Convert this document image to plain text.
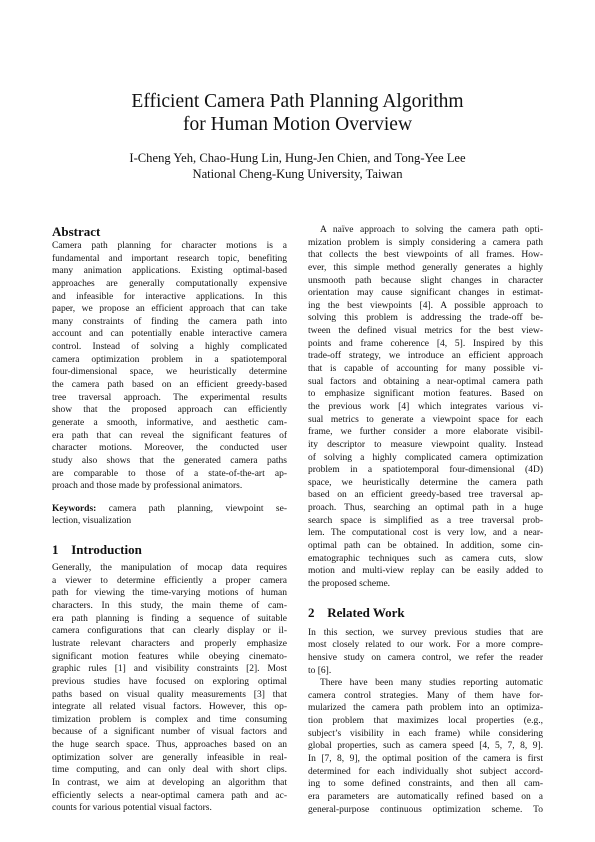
Efficient Camera Path Planning Algorithm
for Human Motion Overview
I-Cheng Yeh, Chao-Hung Lin, Hung-Jen Chien, and Tong-Yee Lee
National Cheng-Kung University, Taiwan
Abstract
Camera path planning for character motions is a
fundamental and important research topic, benefiting
many animation applications. Existing optimal-based
approaches are generally computationally expensive
and infeasible for interactive applications. In this
paper, we propose an efficient approach that can take
many constraints of finding the camera path into
account and can potentially enable interactive camera
control. Instead of solving a highly complicated
camera optimization problem in a spatiotemporal
four-dimensional space, we heuristically determine
the camera path based on an efficient greedy-based
tree traversal approach. The experimental results
show that the proposed approach can efficiently
generate a smooth, informative, and aesthetic cam-
era path that can reveal the significant features of
character motions. Moreover, the conducted user
study also shows that the generated camera paths
are comparable to those of a state-of-the-art ap-
proach and those made by professional animators.
Keywords: camera path planning, viewpoint se-
lection, visualization
1 Introduction
Generally, the manipulation of mocap data requires
a viewer to determine efficiently a proper camera
path for viewing the time-varying motions of human
characters. In this study, the main theme of cam-
era path planning is finding a sequence of suitable
camera configurations that can clearly display or il-
lustrate relevant characters and properly emphasize
significant motion features while obeying cinemato-
graphic rules [1] and visibility constraints [2]. Most
previous studies have focused on exploring optimal
paths based on visual quality measurements [3] that
integrate all related visual factors. However, this op-
timization problem is complex and time consuming
because of a significant number of visual factors and
the huge search space. Thus, approaches based on an
optimization solver are generally infeasible in real-
time computing, and can only deal with short clips.
In contrast, we aim at developing an algorithm that
efficiently selects a near-optimal camera path and ac-
counts for various potential visual factors.
A naïve approach to solving the camera path opti-
mization problem is simply considering a camera path
that collects the best viewpoints of all frames. How-
ever, this simple method generally generates a highly
unsmooth path because slight changes in character
orientation may cause significant changes in estimat-
ing the best viewpoints [4]. A possible approach to
solving this problem is addressing the trade-off be-
tween the defined visual metrics for the best view-
points and frame coherence [4, 5]. Inspired by this
trade-off strategy, we introduce an efficient approach
that is capable of accounting for many possible vi-
sual factors and obtaining a near-optimal camera path
to emphasize significant motion features. Based on
the previous work [4] which integrates various vi-
sual metrics to generate a viewpoint space for each
frame, we further consider a more elaborate visibil-
ity descriptor to measure viewpoint quality. Instead
of solving a highly complicated camera optimization
problem in a spatiotemporal four-dimensional (4D)
space, we heuristically determine the camera path
based on an efficient greedy-based tree traversal ap-
proach. Thus, searching an optimal path in a huge
search space is simplified as a tree traversal prob-
lem. The computational cost is very low, and a near-
optimal path can be obtained. In addition, some cin-
ematographic techniques such as camera cuts, slow
motion and multi-view replay can be easily added to
the proposed scheme.
2 Related Work
In this section, we survey previous studies that are
most closely related to our work. For a more compre-
hensive study on camera control, we refer the reader
to [6].
There have been many studies reporting automatic
camera control strategies. Many of them have for-
mularized the camera path problem into an optimiza-
tion problem that maximizes local properties (e.g.,
subject’s visibility in each frame) while considering
global properties, such as camera speed [4, 5, 7, 8, 9].
In [7, 8, 9], the optimal position of the camera is first
determined for each individually shot subject accord-
ing to some defined constraints, and then all cam-
era parameters are automatically refined based on a
general-purpose continuous optimization scheme. To
